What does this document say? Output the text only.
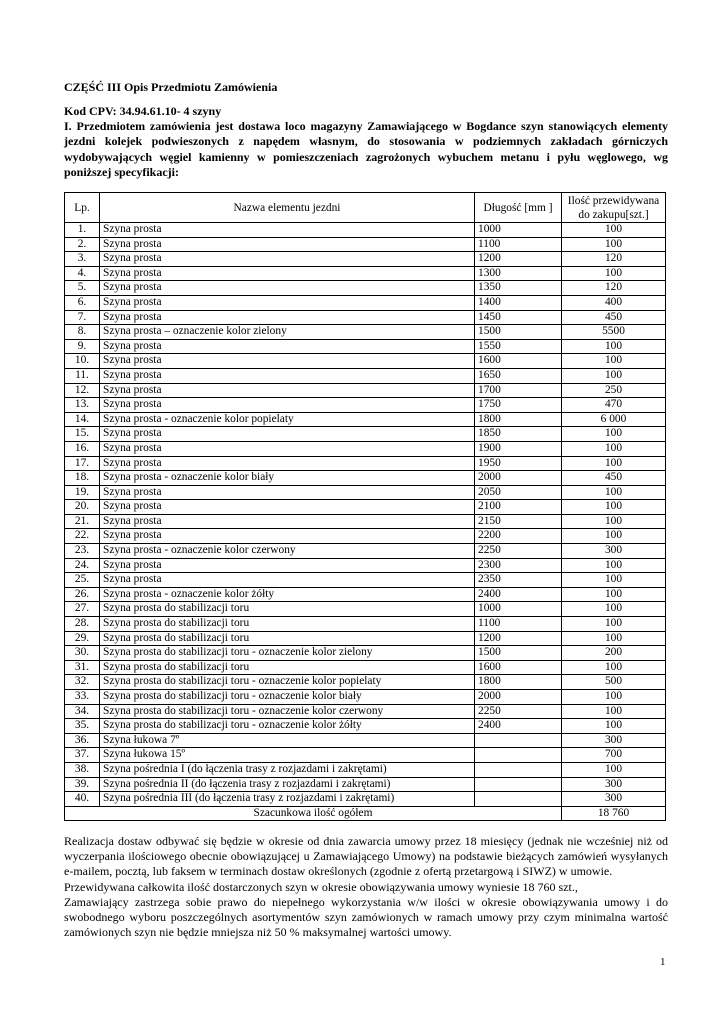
CZĘŚĆ III Opis Przedmiotu Zamówienia

Kod CPV: 34.94.61.10- 4 szyny

I. Przedmiotem zamówienia jest dostawa loco magazyny Zamawiającego w Bogdance szyn stanowiących elementy jezdni kolejek podwieszonych z napędem własnym, do stosowania w podziemnych zakładach górniczych wydobywających węgiel kamienny w pomieszczeniach zagrożonych wybuchem metanu i pyłu węglowego, wg poniższej specyfikacji:

Lp.	Nazwa elementu jezdni	Długość [mm ]	Ilość przewidywana do zakupu[szt.]
1.	Szyna prosta	1000	100
2.	Szyna prosta	1100	100
3.	Szyna prosta	1200	120
4.	Szyna prosta	1300	100
5.	Szyna prosta	1350	120
6.	Szyna prosta	1400	400
7.	Szyna prosta	1450	450
8.	Szyna prosta – oznaczenie kolor zielony	1500	5500
9.	Szyna prosta	1550	100
10.	Szyna prosta	1600	100
11.	Szyna prosta	1650	100
12.	Szyna prosta	1700	250
13.	Szyna prosta	1750	470
14.	Szyna prosta - oznaczenie kolor popielaty	1800	6 000
15.	Szyna prosta	1850	100
16.	Szyna prosta	1900	100
17.	Szyna prosta	1950	100
18.	Szyna prosta - oznaczenie kolor biały	2000	450
19.	Szyna prosta	2050	100
20.	Szyna prosta	2100	100
21.	Szyna prosta	2150	100
22.	Szyna prosta	2200	100
23.	Szyna prosta - oznaczenie kolor czerwony	2250	300
24.	Szyna prosta	2300	100
25.	Szyna prosta	2350	100
26.	Szyna prosta - oznaczenie kolor żółty	2400	100
27.	Szyna prosta do stabilizacji toru	1000	100
28.	Szyna prosta do stabilizacji toru	1100	100
29.	Szyna prosta do stabilizacji toru	1200	100
30.	Szyna prosta do stabilizacji toru - oznaczenie kolor zielony	1500	200
31.	Szyna prosta do stabilizacji toru	1600	100
32.	Szyna prosta do stabilizacji toru - oznaczenie kolor popielaty	1800	500
33.	Szyna prosta do stabilizacji toru - oznaczenie kolor biały	2000	100
34.	Szyna prosta do stabilizacji toru - oznaczenie kolor czerwony	2250	100
35.	Szyna prosta do stabilizacji toru - oznaczenie kolor żółty	2400	100
36.	Szyna łukowa 7º		300
37.	Szyna łukowa 15º		700
38.	Szyna pośrednia I (do łączenia trasy z rozjazdami i zakrętami)		100
39.	Szyna pośrednia II (do łączenia trasy z rozjazdami i zakrętami)		300
40.	Szyna pośrednia III (do łączenia trasy z rozjazdami i zakrętami)		300
Szacunkowa ilość ogółem			18 760

Realizacja dostaw odbywać się będzie w okresie od dnia zawarcia umowy przez 18 miesięcy (jednak nie wcześniej niż od wyczerpania ilościowego obecnie obowiązującej u Zamawiającego Umowy) na podstawie bieżących zamówień wysyłanych e-mailem, pocztą, lub faksem w terminach dostaw określonych (zgodnie z ofertą przetargową i SIWZ) w umowie.

Przewidywana całkowita ilość dostarczonych szyn w okresie obowiązywania umowy wyniesie 18 760 szt.,

Zamawiający zastrzega sobie prawo do niepełnego wykorzystania w/w ilości w okresie obowiązywania umowy i do swobodnego wyboru poszczególnych asortymentów szyn zamówionych w ramach umowy przy czym minimalna wartość zamówionych szyn nie będzie mniejsza niż 50 % maksymalnej wartości umowy.

1
